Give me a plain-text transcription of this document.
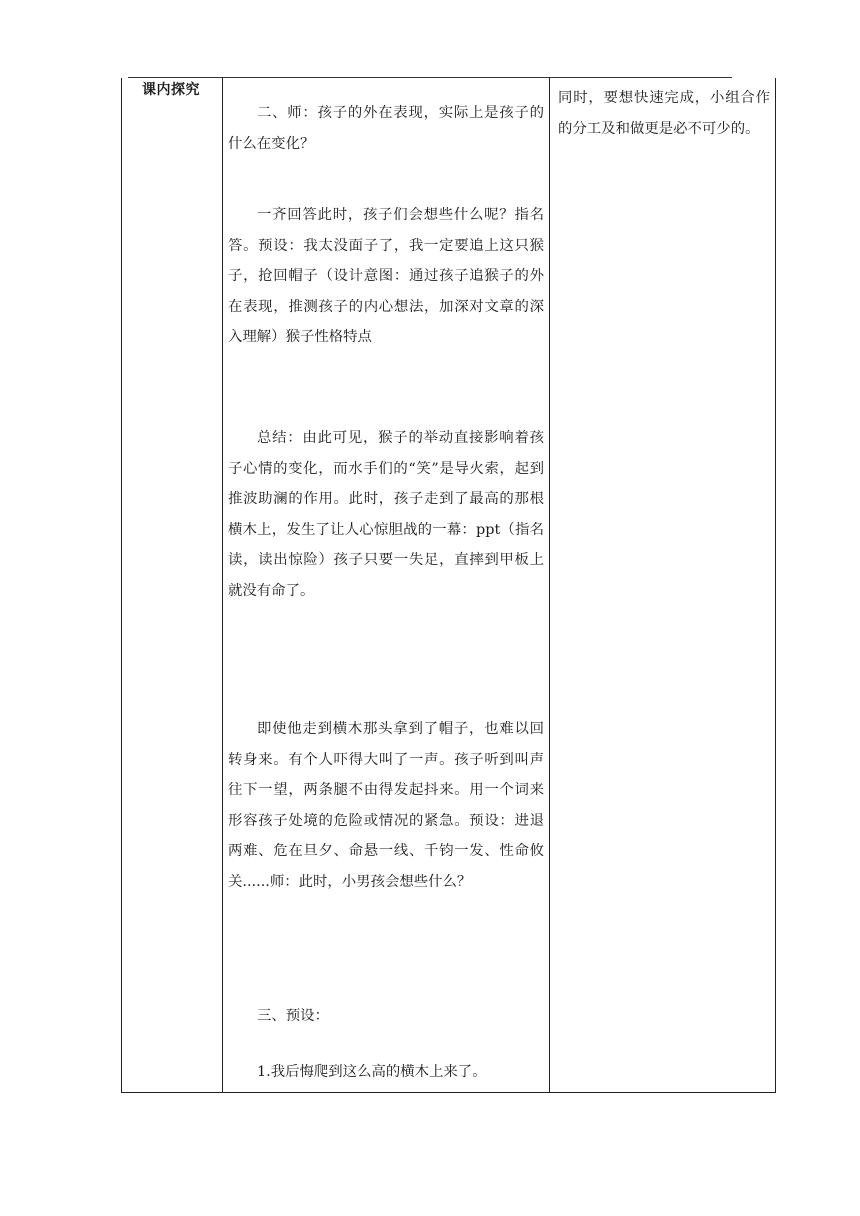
课内探究

二、师：孩子的外在表现，实际上是孩子的什么在变化？

一齐回答此时，孩子们会想些什么呢？指名答。预设：我太没面子了，我一定要追上这只猴子，抢回帽子（设计意图：通过孩子追猴子的外在表现，推测孩子的内心想法，加深对文章的深入理解）猴子性格特点

总结：由此可见，猴子的举动直接影响着孩子心情的变化，而水手们的“笑”是导火索，起到推波助澜的作用。此时，孩子走到了最高的那根横木上，发生了让人心惊胆战的一幕：ppt（指名读，读出惊险）孩子只要一失足，直摔到甲板上就没有命了。

即使他走到横木那头拿到了帽子，也难以回转身来。有个人吓得大叫了一声。孩子听到叫声往下一望，两条腿不由得发起抖来。用一个词来形容孩子处境的危险或情况的紧急。预设：进退两难、危在旦夕、命悬一线、千钧一发、性命攸关......师：此时，小男孩会想些什么？

三、预设：

1.我后悔爬到这么高的横木上来了。

同时，要想快速完成，小组合作的分工及和做更是必不可少的。
